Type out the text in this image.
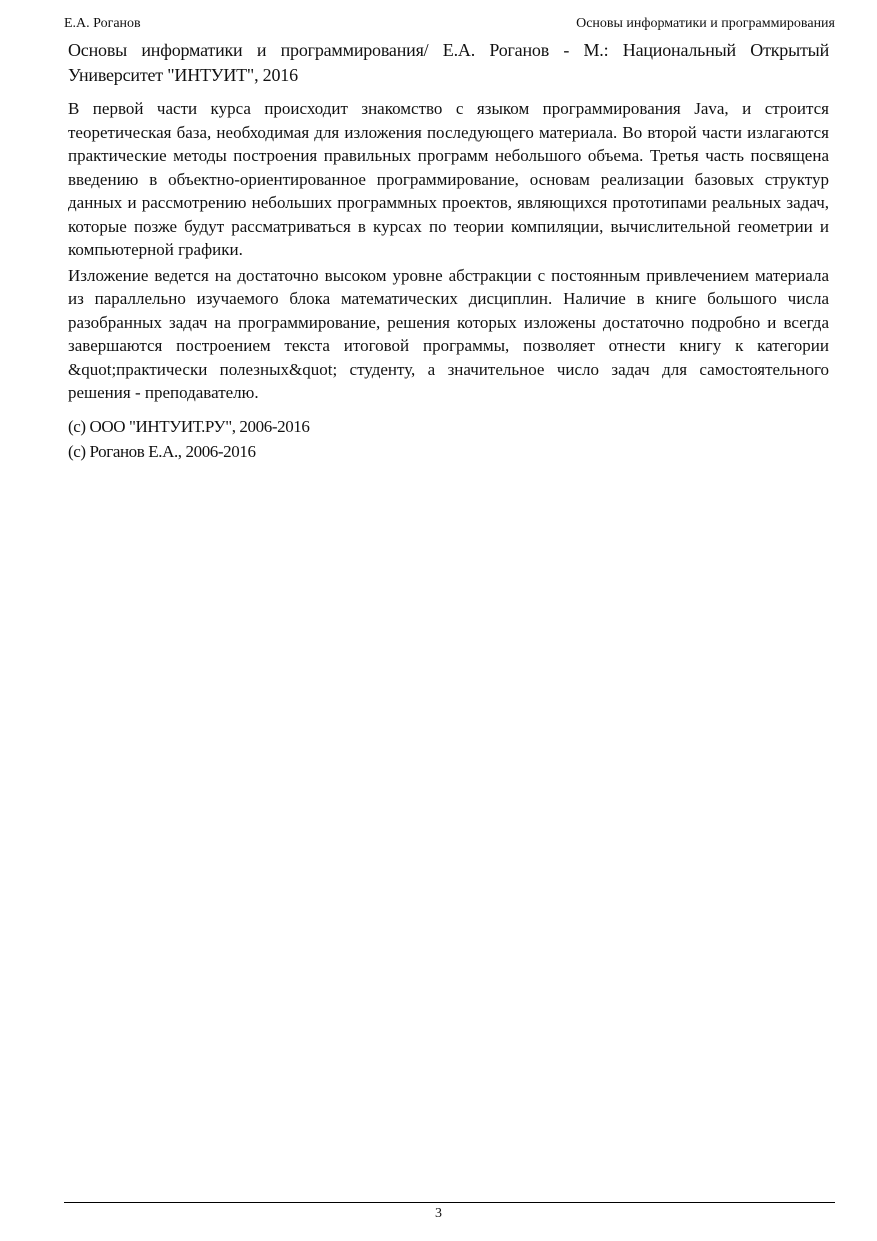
Е.А. Роганов	Основы информатики и программирования

Основы информатики и программирования/ Е.А. Роганов - М.: Национальный Открытый Университет "ИНТУИТ", 2016

В первой части курса происходит знакомство с языком программирования Java, и строится теоретическая база, необходимая для изложения последующего материала. Во второй части излагаются практические методы построения правильных программ небольшого объема. Третья часть посвящена введению в объектно-ориентированное программирование, основам реализации базовых структур данных и рассмотрению небольших программных проектов, являющихся прототипами реальных задач, которые позже будут рассматриваться в курсах по теории компиляции, вычислительной геометрии и компьютерной графики.

Изложение ведется на достаточно высоком уровне абстракции с постоянным привлечением материала из параллельно изучаемого блока математических дисциплин. Наличие в книге большого числа разобранных задач на программирование, решения которых изложены достаточно подробно и всегда завершаются построением текста итоговой программы, позволяет отнести книгу к категории &quot;практически полезных&quot; студенту, а значительное число задач для самостоятельного решения - преподавателю.

(c) ООО "ИНТУИТ.РУ", 2006-2016

(c) Роганов Е.А., 2006-2016

3
